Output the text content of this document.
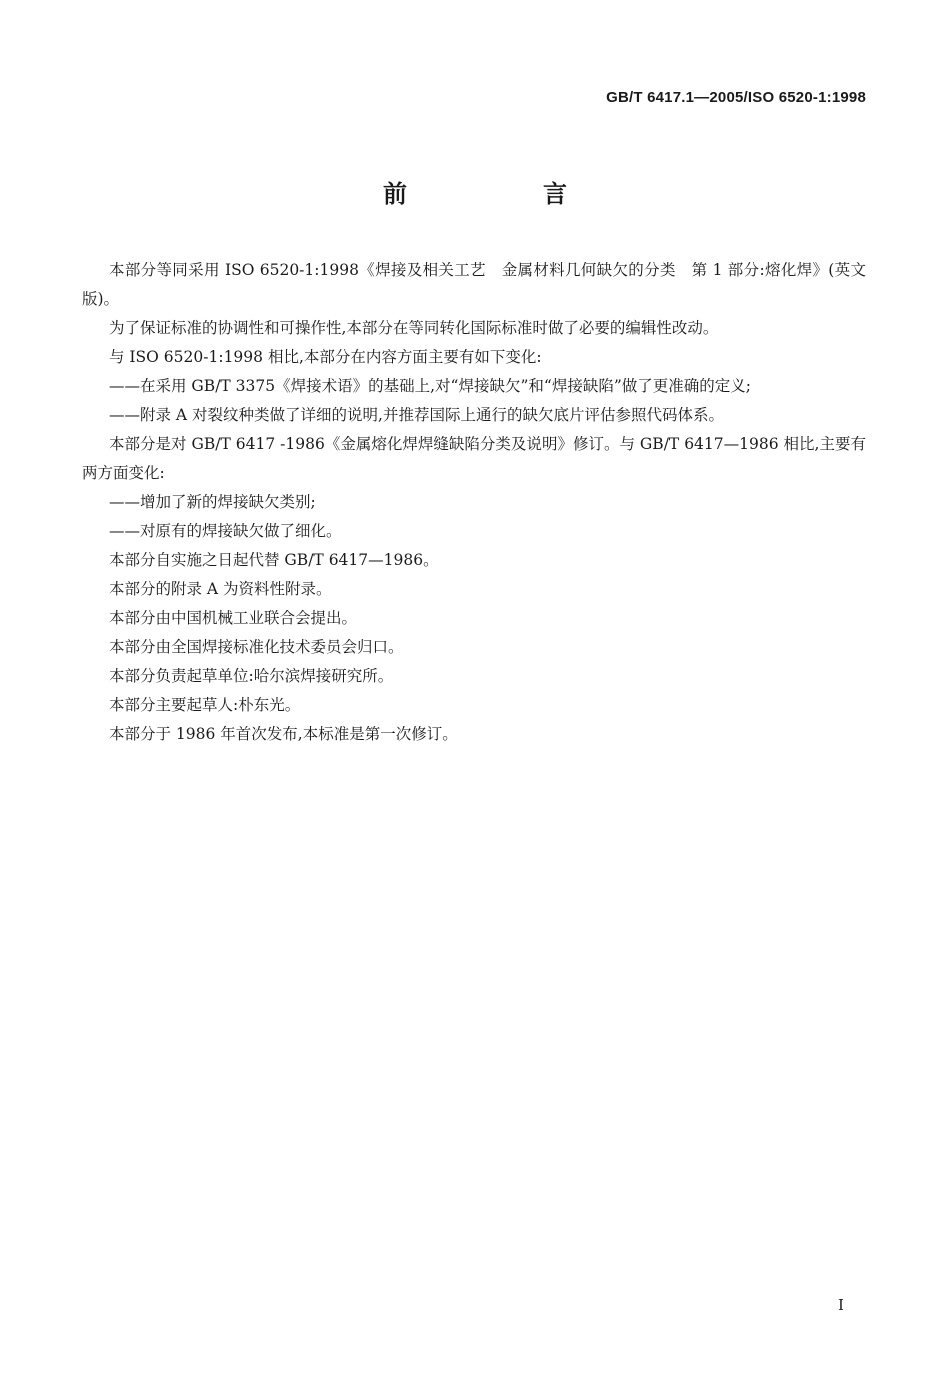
GB/T 6417.1—2005/ISO 6520-1:1998
前　言

本部分等同采用 ISO 6520-1:1998《焊接及相关工艺　金属材料几何缺欠的分类　第 1 部分:熔化焊》(英文版)。

为了保证标准的协调性和可操作性,本部分在等同转化国际标准时做了必要的编辑性改动。

与 ISO 6520-1:1998 相比,本部分在内容方面主要有如下变化:

——在采用 GB/T 3375《焊接术语》的基础上,对“焊接缺欠”和“焊接缺陷”做了更准确的定义;

——附录 A 对裂纹种类做了详细的说明,并推荐国际上通行的缺欠底片评估参照代码体系。

本部分是对 GB/T 6417 -1986《金属熔化焊焊缝缺陷分类及说明》修订。与 GB/T 6417—1986 相比,主要有两方面变化:

——增加了新的焊接缺欠类别;

——对原有的焊接缺欠做了细化。

本部分自实施之日起代替 GB/T 6417—1986。

本部分的附录 A 为资料性附录。

本部分由中国机械工业联合会提出。

本部分由全国焊接标准化技术委员会归口。

本部分负责起草单位:哈尔滨焊接研究所。

本部分主要起草人:朴东光。

本部分于 1986 年首次发布,本标准是第一次修订。

I
